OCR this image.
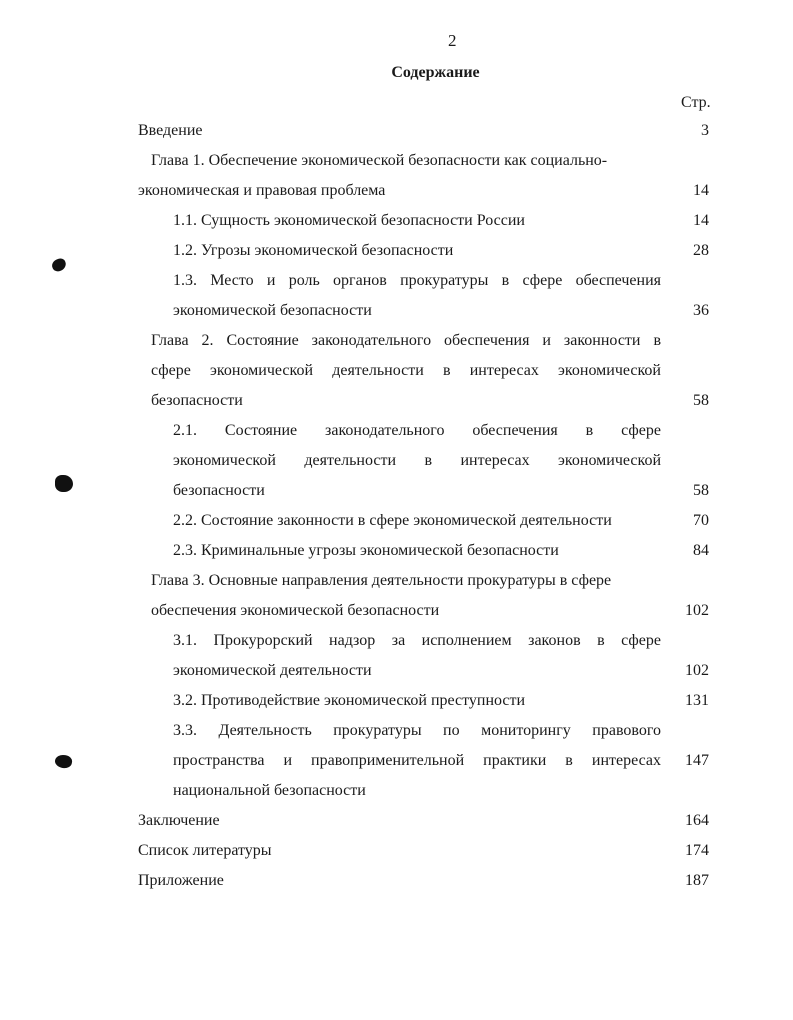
2
Содержание
Стр.
Введение	3
Глава 1. Обеспечение экономической безопасности как социально-
экономическая и правовая проблема	14
1.1. Сущность экономической безопасности России	14
1.2. Угрозы экономической безопасности	28
1.3. Место и роль органов прокуратуры в сфере обеспечения
экономической безопасности	36
Глава 2. Состояние законодательного обеспечения и законности в
сфере экономической деятельности в интересах экономической
безопасности	58
2.1. Состояние законодательного обеспечения в сфере
экономической деятельности в интересах экономической
безопасности	58
2.2. Состояние законности в сфере экономической деятельности	70
2.3. Криминальные угрозы экономической безопасности	84
Глава 3. Основные направления деятельности прокуратуры в сфере
обеспечения экономической безопасности	102
3.1. Прокурорский надзор за исполнением законов в сфере
экономической деятельности	102
3.2. Противодействие экономической преступности	131
3.3. Деятельность прокуратуры по мониторингу правового
пространства и правоприменительной практики в интересах	147
национальной безопасности
Заключение	164
Список литературы	174
Приложение	187
